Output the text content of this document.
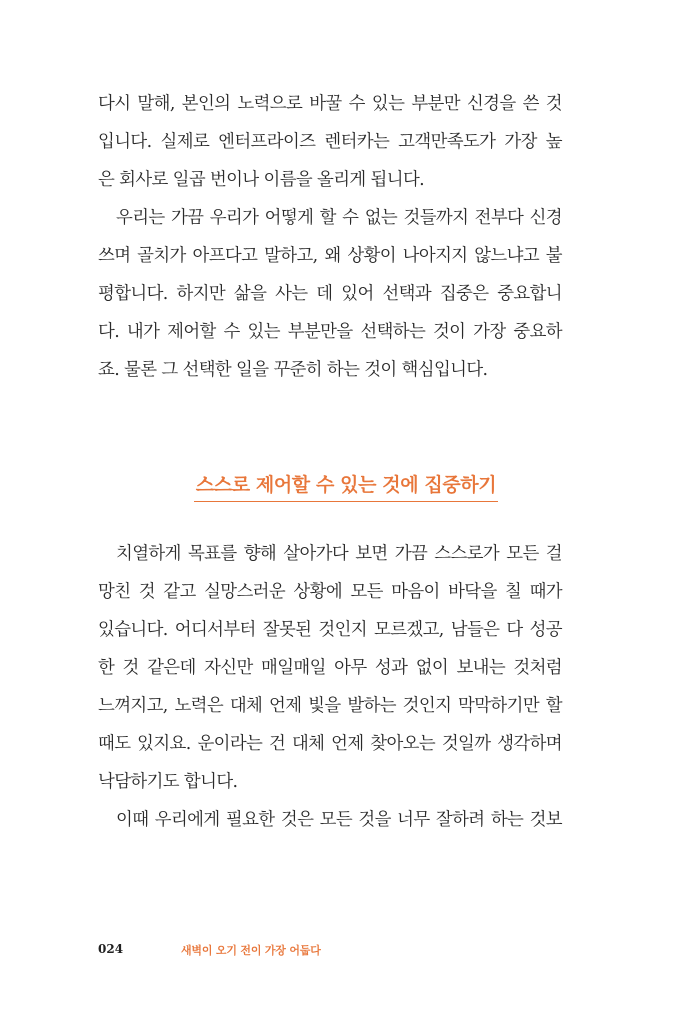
다시 말해, 본인의 노력으로 바꿀 수 있는 부분만 신경을 쓴 것
입니다. 실제로 엔터프라이즈 렌터카는 고객만족도가 가장 높
은 회사로 일곱 번이나 이름을 올리게 됩니다.

우리는 가끔 우리가 어떻게 할 수 없는 것들까지 전부다 신경
쓰며 골치가 아프다고 말하고, 왜 상황이 나아지지 않느냐고 불
평합니다. 하지만 삶을 사는 데 있어 선택과 집중은 중요합니
다. 내가 제어할 수 있는 부분만을 선택하는 것이 가장 중요하
죠. 물론 그 선택한 일을 꾸준히 하는 것이 핵심입니다.

스스로 제어할 수 있는 것에 집중하기

치열하게 목표를 향해 살아가다 보면 가끔 스스로가 모든 걸
망친 것 같고 실망스러운 상황에 모든 마음이 바닥을 칠 때가
있습니다. 어디서부터 잘못된 것인지 모르겠고, 남들은 다 성공
한 것 같은데 자신만 매일매일 아무 성과 없이 보내는 것처럼
느껴지고, 노력은 대체 언제 빛을 발하는 것인지 막막하기만 할
때도 있지요. 운이라는 건 대체 언제 찾아오는 것일까 생각하며
낙담하기도 합니다.

이때 우리에게 필요한 것은 모든 것을 너무 잘하려 하는 것보

024	새벽이 오기 전이 가장 어둡다
